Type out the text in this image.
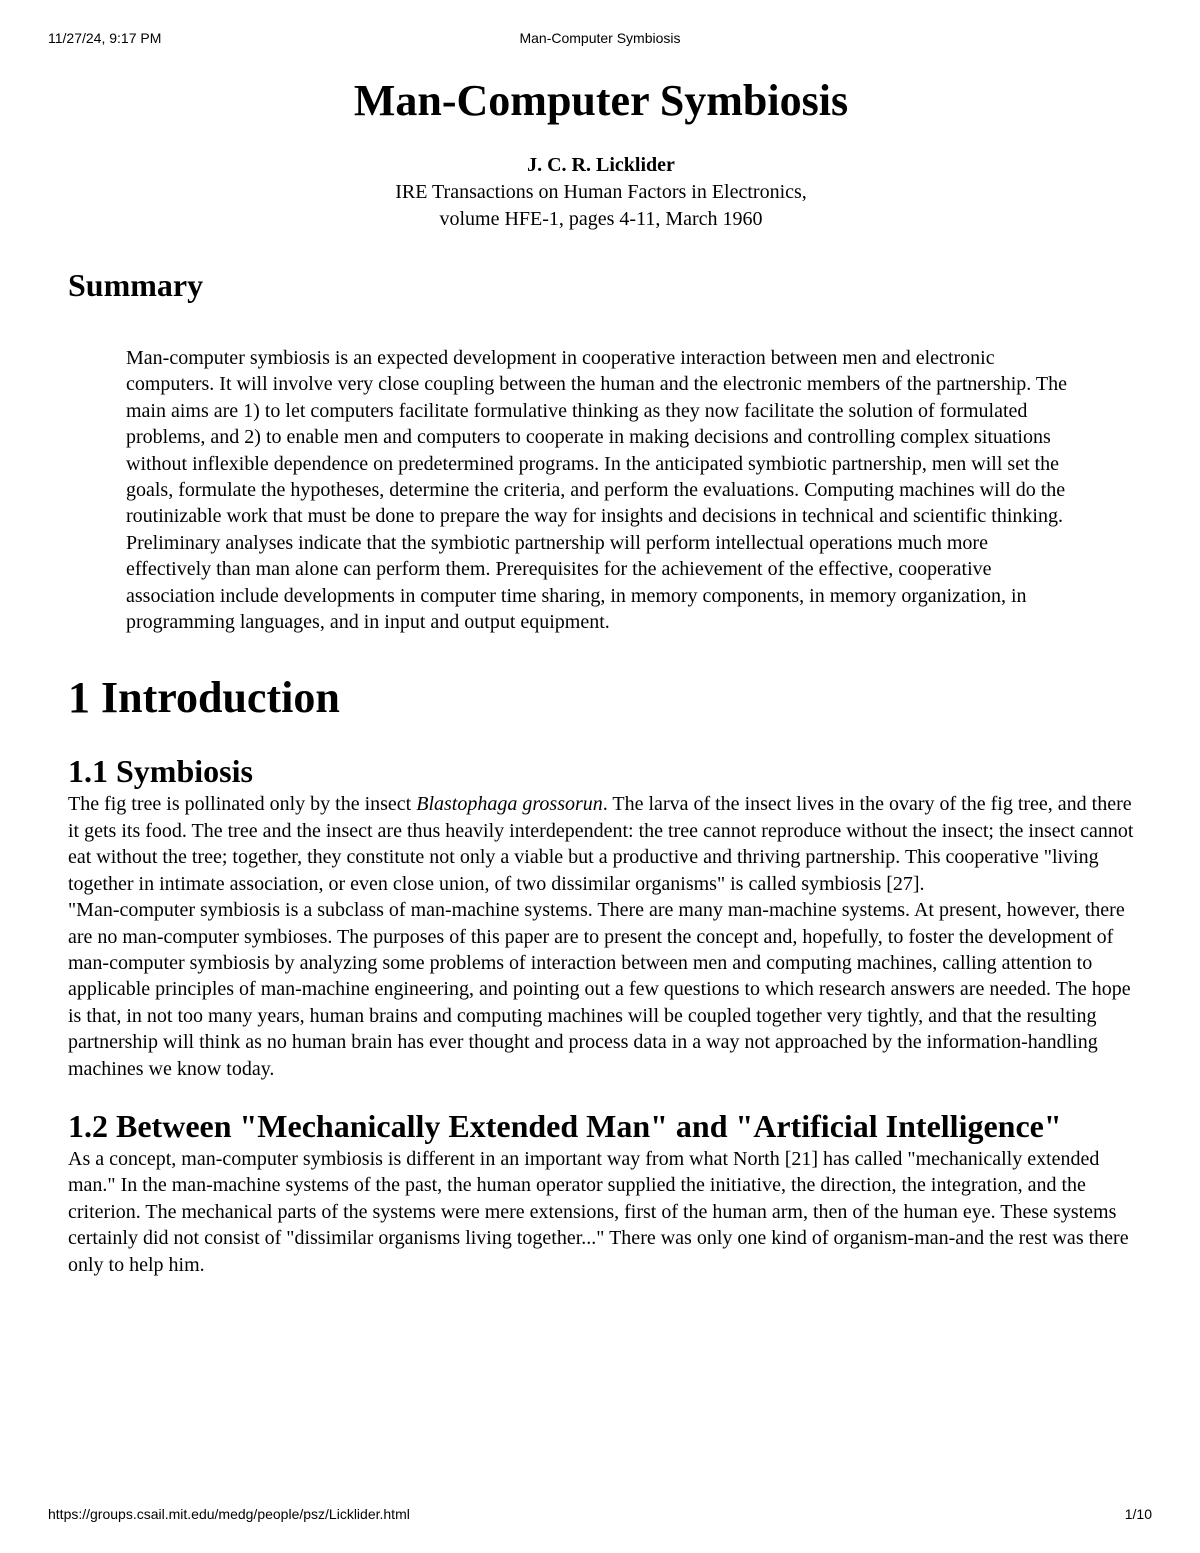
11/27/24, 9:17 PM	Man-Computer Symbiosis
Man-Computer Symbiosis
J. C. R. Licklider
IRE Transactions on Human Factors in Electronics,
volume HFE-1, pages 4-11, March 1960
Summary
Man-computer symbiosis is an expected development in cooperative interaction between men and electronic computers. It will involve very close coupling between the human and the electronic members of the partnership. The main aims are 1) to let computers facilitate formulative thinking as they now facilitate the solution of formulated problems, and 2) to enable men and computers to cooperate in making decisions and controlling complex situations without inflexible dependence on predetermined programs. In the anticipated symbiotic partnership, men will set the goals, formulate the hypotheses, determine the criteria, and perform the evaluations. Computing machines will do the routinizable work that must be done to prepare the way for insights and decisions in technical and scientific thinking. Preliminary analyses indicate that the symbiotic partnership will perform intellectual operations much more effectively than man alone can perform them. Prerequisites for the achievement of the effective, cooperative association include developments in computer time sharing, in memory components, in memory organization, in programming languages, and in input and output equipment.
1 Introduction
1.1 Symbiosis

The fig tree is pollinated only by the insect Blastophaga grossorun. The larva of the insect lives in the ovary of the fig tree, and there it gets its food. The tree and the insect are thus heavily interdependent: the tree cannot reproduce without the insect; the insect cannot eat without the tree; together, they constitute not only a viable but a productive and thriving partnership. This cooperative "living together in intimate association, or even close union, of two dissimilar organisms" is called symbiosis [27].

"Man-computer symbiosis is a subclass of man-machine systems. There are many man-machine systems. At present, however, there are no man-computer symbioses. The purposes of this paper are to present the concept and, hopefully, to foster the development of man-computer symbiosis by analyzing some problems of interaction between men and computing machines, calling attention to applicable principles of man-machine engineering, and pointing out a few questions to which research answers are needed. The hope is that, in not too many years, human brains and computing machines will be coupled together very tightly, and that the resulting partnership will think as no human brain has ever thought and process data in a way not approached by the information-handling machines we know today.

1.2 Between "Mechanically Extended Man" and "Artificial Intelligence"

As a concept, man-computer symbiosis is different in an important way from what North [21] has called "mechanically extended man." In the man-machine systems of the past, the human operator supplied the initiative, the direction, the integration, and the criterion. The mechanical parts of the systems were mere extensions, first of the human arm, then of the human eye. These systems certainly did not consist of "dissimilar organisms living together..." There was only one kind of organism-man-and the rest was there only to help him.

https://groups.csail.mit.edu/medg/people/psz/Licklider.html	1/10
